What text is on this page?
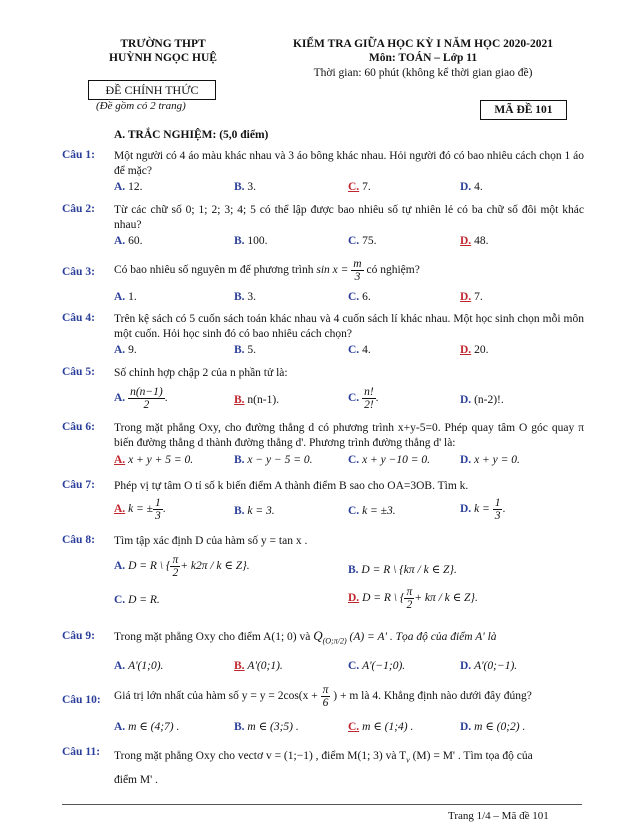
TRƯỜNG THPT
HUỲNH NGỌC HUỆ
KIỂM TRA GIỮA HỌC KỲ I NĂM HỌC 2020-2021
Môn: TOÁN – Lớp 11
Thời gian: 60 phút (không kể thời gian giao đề)
ĐỀ CHÍNH THỨC
(Đề gồm có 2 trang)	MÃ ĐỀ 101
A. TRẮC NGHIỆM: (5,0 điểm)
Câu 1:	Một người có 4 áo màu khác nhau và 3 áo bông khác nhau. Hỏi người đó có bao nhiêu cách chọn 1 áo để mặc?
A. 12.	B. 3.	C. 7.	D. 4.
Câu 2:	Từ các chữ số 0; 1; 2; 3; 4; 5 có thể lập được bao nhiêu số tự nhiên lẻ có ba chữ số đôi một khác nhau?
A. 60.	B. 100.	C. 75.	D. 48.
Câu 3:	Có bao nhiêu số nguyên m để phương trình $\sin x = \frac{m}{3}$ có nghiệm?
A. 1.	B. 3.	C. 6.	D. 7.
Câu 4:	Trên kệ sách có 5 cuốn sách toán khác nhau và 4 cuốn sách lí khác nhau. Một học sinh chọn mỗi môn một cuốn. Hỏi học sinh đó có bao nhiêu cách chọn?
A. 9.	B. 5.	C. 4.	D. 20.
Câu 5:	Số chỉnh hợp chập 2 của n phần tử là:
A. $\frac{n(n-1)}{2}$ .	B. n(n-1).	C. $\frac{n!}{2!}$ .	D. (n-2)!.
Câu 6:	Trong mặt phẳng Oxy, cho đường thẳng d có phương trình x+y-5=0. Phép quay tâm O góc quay π biến đường thẳng d thành đường thẳng d'. Phương trình đường thẳng d' là:
A. x + y + 5 = 0.	B. x − y − 5 = 0.	C. x + y −10 = 0.	D. x + y = 0.
Câu 7:	Phép vị tự tâm O tỉ số k biến điểm A thành điểm B sao cho OA=3OB. Tìm k.
A. k = ± $\frac{1}{3}$ .	B. k = 3.	C. k = ±3.	D. $k = \frac{1}{3}$ .
Câu 8:	Tìm tập xác định D của hàm số y = tan x .
A. D = R \ { $\frac{\pi}{2} + k2\pi / k$ ∈ Z}.	B. D = R \ {kπ / k ∈ Z}.
C. D = R.	D. D = R \ { $\frac{\pi}{2} + k\pi / k$ ∈ Z}.
Câu 9:	Trong mặt phẳng Oxy cho điểm A(1; 0) và $Q_{(O;\pi/2)}$ (A) = A' . Tọa độ của điểm A' là
A. A'(1;0).	B. A'(0;1).	C. A'(−1;0).	D. A'(0;−1).
Câu 10:	Giá trị lớn nhất của hàm số $y = y = 2\cos(x + \frac{\pi}{6}$ ) + m là 4. Khẳng định nào dưới đây đúng?
A. m ∈ (4;7) .	B. m ∈ (3;5) .	C. m ∈ (1;4) .	D. m ∈ (0;2) .
Câu 11:	Trong mặt phẳng Oxy cho vectơ v = (1;−1) , điểm M(1; 3) và $T_v$ (M) = M' . Tìm tọa độ của
điểm M' .
Trang 1/4 – Mã đề 101
